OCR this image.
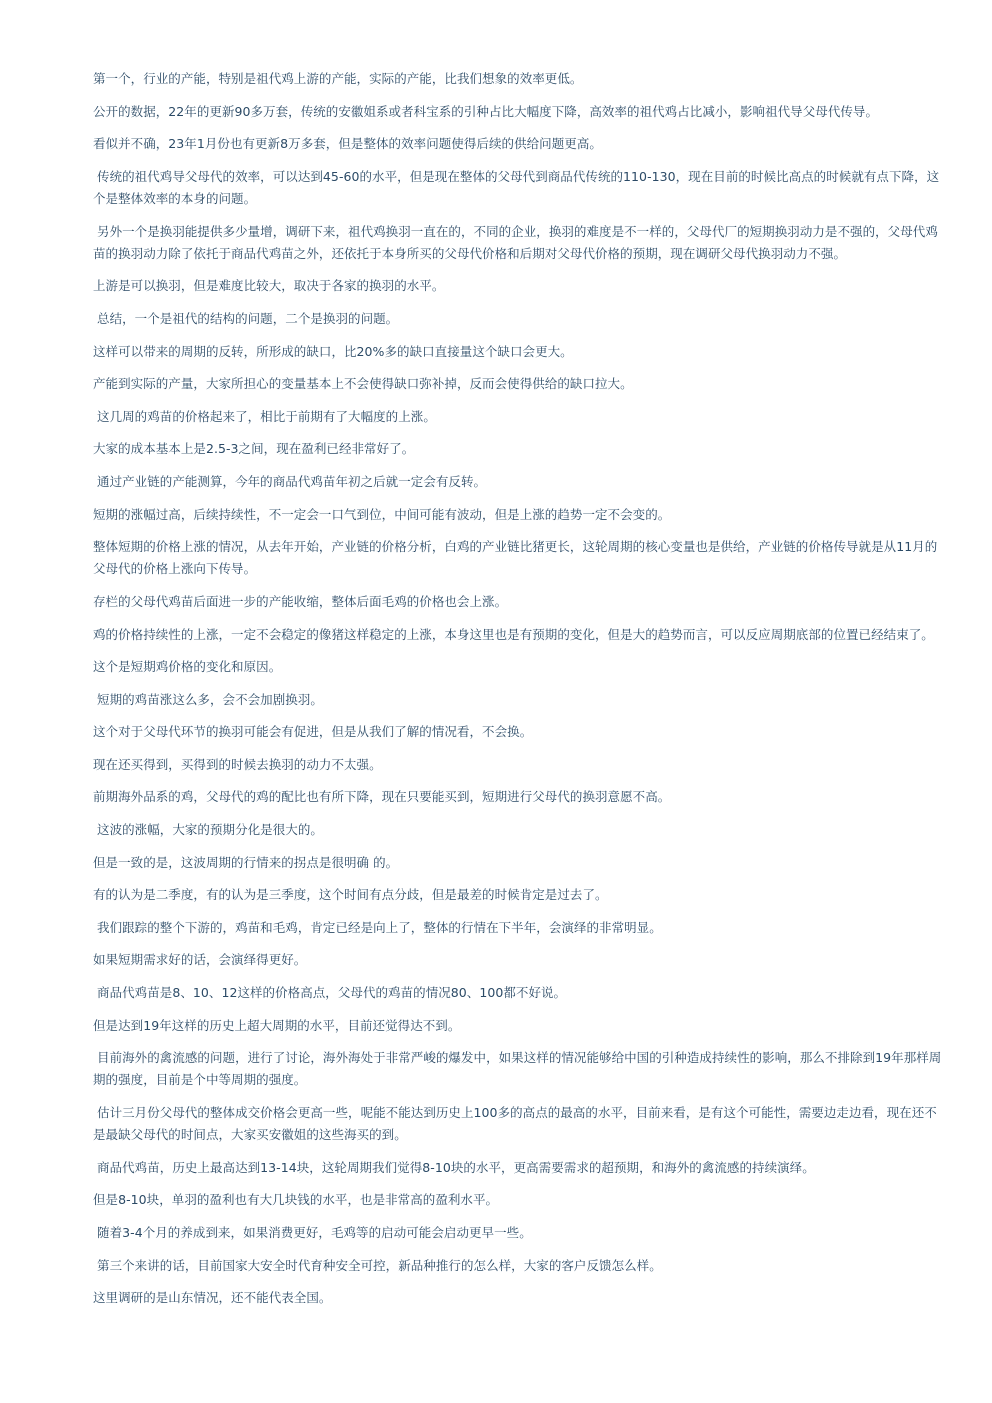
第一个，行业的产能，特别是祖代鸡上游的产能，实际的产能，比我们想象的效率更低。

公开的数据，22年的更新90多万套，传统的安徽姐系或者科宝系的引种占比大幅度下降，高效率的祖代鸡占比减小，影响祖代导父母代传导。

看似并不确，23年1月份也有更新8万多套，但是整体的效率问题使得后续的供给问题更高。

传统的祖代鸡导父母代的效率，可以达到45-60的水平，但是现在整体的父母代到商品代传统的110-130，现在目前的时候比高点的时候就有点下降，这个是整体效率的本身的问题。

另外一个是换羽能提供多少量增，调研下来，祖代鸡换羽一直在的，不同的企业，换羽的难度是不一样的，父母代厂的短期换羽动力是不强的，父母代鸡苗的换羽动力除了依托于商品代鸡苗之外，还依托于本身所买的父母代价格和后期对父母代价格的预期，现在调研父母代换羽动力不强。

上游是可以换羽，但是难度比较大，取决于各家的换羽的水平。

总结，一个是祖代的结构的问题，二个是换羽的问题。

这样可以带来的周期的反转，所形成的缺口，比20%多的缺口直接量这个缺口会更大。

产能到实际的产量，大家所担心的变量基本上不会使得缺口弥补掉，反而会使得供给的缺口拉大。

这几周的鸡苗的价格起来了，相比于前期有了大幅度的上涨。

大家的成本基本上是2.5-3之间，现在盈利已经非常好了。

通过产业链的产能测算，今年的商品代鸡苗年初之后就一定会有反转。

短期的涨幅过高，后续持续性，不一定会一口气到位，中间可能有波动，但是上涨的趋势一定不会变的。

整体短期的价格上涨的情况，从去年开始，产业链的价格分析，白鸡的产业链比猪更长，这轮周期的核心变量也是供给，产业链的价格传导就是从11月的父母代的价格上涨向下传导。

存栏的父母代鸡苗后面进一步的产能收缩，整体后面毛鸡的价格也会上涨。

鸡的价格持续性的上涨，一定不会稳定的像猪这样稳定的上涨，本身这里也是有预期的变化，但是大的趋势而言，可以反应周期底部的位置已经结束了。

这个是短期鸡价格的变化和原因。

短期的鸡苗涨这么多，会不会加剧换羽。

这个对于父母代环节的换羽可能会有促进，但是从我们了解的情况看，不会换。

现在还买得到，买得到的时候去换羽的动力不太强。

前期海外品系的鸡，父母代的鸡的配比也有所下降，现在只要能买到，短期进行父母代的换羽意愿不高。

这波的涨幅，大家的预期分化是很大的。

但是一致的是，这波周期的行情来的拐点是很明确 的。

有的认为是二季度，有的认为是三季度，这个时间有点分歧，但是最差的时候肯定是过去了。

我们跟踪的整个下游的，鸡苗和毛鸡，肯定已经是向上了，整体的行情在下半年，会演绎的非常明显。

如果短期需求好的话，会演绎得更好。

商品代鸡苗是8、10、12这样的价格高点，父母代的鸡苗的情况80、100都不好说。

但是达到19年这样的历史上超大周期的水平，目前还觉得达不到。

目前海外的禽流感的问题，进行了讨论，海外海处于非常严峻的爆发中，如果这样的情况能够给中国的引种造成持续性的影响，那么不排除到19年那样周期的强度，目前是个中等周期的强度。

估计三月份父母代的整体成交价格会更高一些，呢能不能达到历史上100多的高点的最高的水平，目前来看，是有这个可能性，需要边走边看，现在还不是最缺父母代的时间点，大家买安徽姐的这些海买的到。

商品代鸡苗，历史上最高达到13-14块，这轮周期我们觉得8-10块的水平，更高需要需求的超预期，和海外的禽流感的持续演绎。

但是8-10块，单羽的盈利也有大几块钱的水平，也是非常高的盈利水平。

随着3-4个月的养成到来，如果消费更好，毛鸡等的启动可能会启动更早一些。

第三个来讲的话，目前国家大安全时代育种安全可控，新品种推行的怎么样，大家的客户反馈怎么样。

这里调研的是山东情况，还不能代表全国。
